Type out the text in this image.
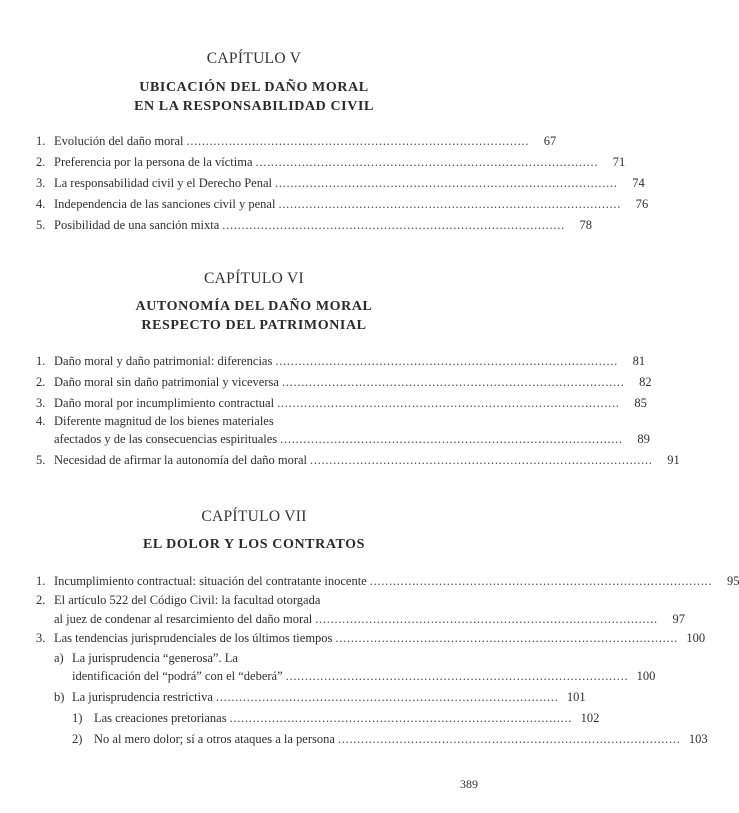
CAPÍTULO V
UBICACIÓN DEL DAÑO MORAL
EN LA RESPONSABILIDAD CIVIL
1. Evolución del daño moral . . .	67
2. Preferencia por la persona de la víctima . . .	71
3. La responsabilidad civil y el Derecho Penal . . .	74
4. Independencia de las sanciones civil y penal . . .	76
5. Posibilidad de una sanción mixta . . .	78
CAPÍTULO VI
AUTONOMÍA DEL DAÑO MORAL
RESPECTO DEL PATRIMONIAL
1. Daño moral y daño patrimonial: diferencias . . .	81
2. Daño moral sin daño patrimonial y viceversa . . .	82
3. Daño moral por incumplimiento contractual . . .	85
4. Diferente magnitud de los bienes materiales
afectados y de las consecuencias espirituales . . .	89
5. Necesidad de afirmar la autonomía del daño moral . . .	91
CAPÍTULO VII
EL DOLOR Y LOS CONTRATOS
1. Incumplimiento contractual: situación del contratante inocente . . .	95
2. El artículo 522 del Código Civil: la facultad otorgada
al juez de condenar al resarcimiento del daño moral . . .	97
3. Las tendencias jurisprudenciales de los últimos tiempos . . .	100
a) La jurisprudencia “generosa”. La
identificación del “podrá” con el “deberá” . . .	100
b) La jurisprudencia restrictiva . . .	101
1) Las creaciones pretorianas . . .	102
2) No al mero dolor; sí a otros ataques a la persona . . .	103
389
